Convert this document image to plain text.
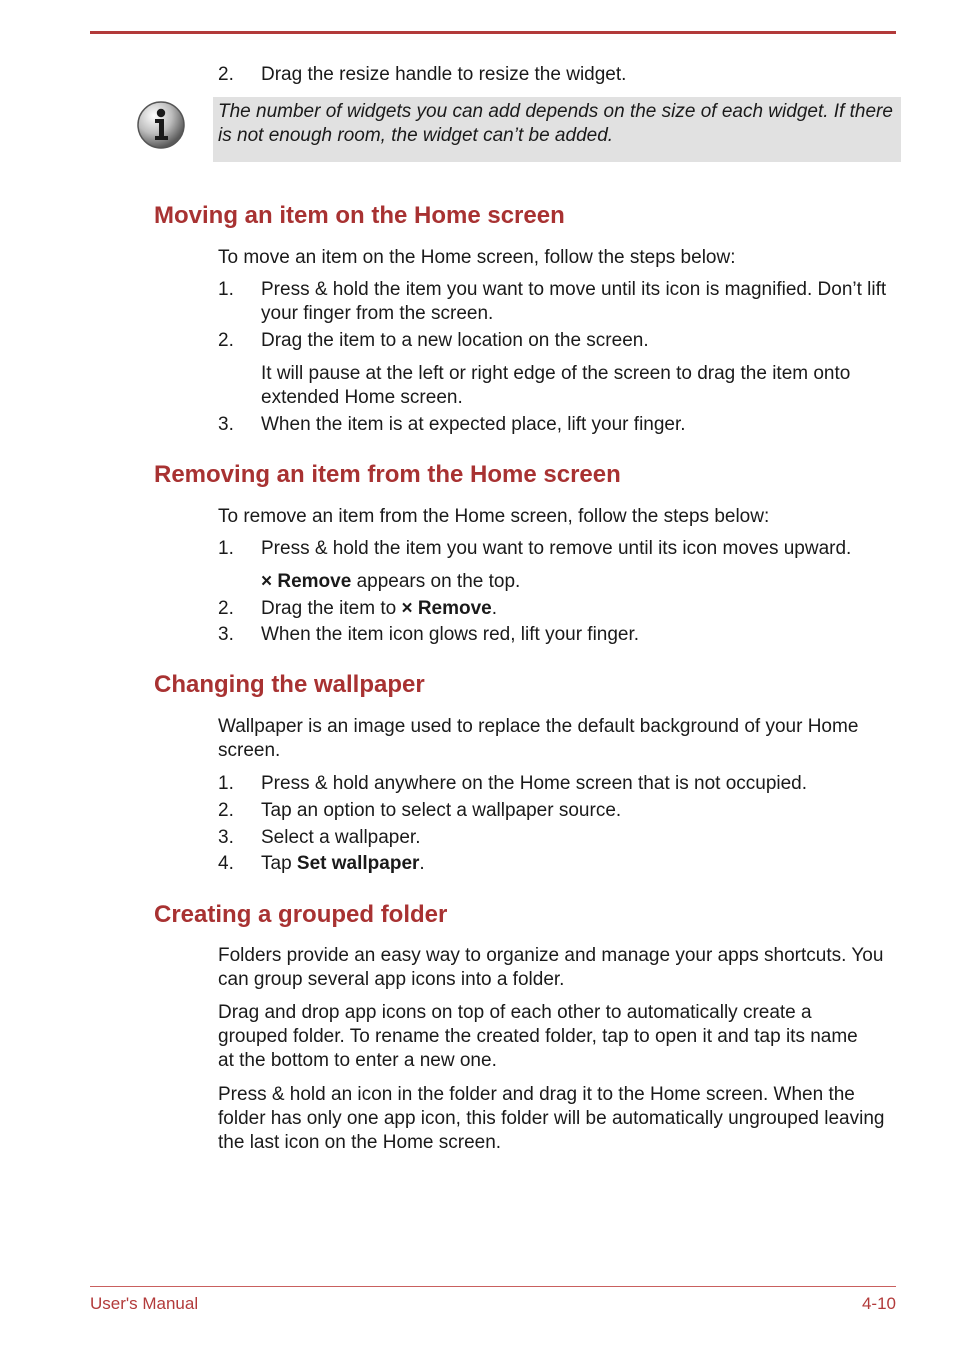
2. Drag the resize handle to resize the widget.
The number of widgets you can add depends on the size of each widget. If there is not enough room, the widget can’t be added.
Moving an item on the Home screen
To move an item on the Home screen, follow the steps below:
1. Press & hold the item you want to move until its icon is magnified. Don’t lift your finger from the screen.
2. Drag the item to a new location on the screen.
It will pause at the left or right edge of the screen to drag the item onto extended Home screen.
3. When the item is at expected place, lift your finger.
Removing an item from the Home screen
To remove an item from the Home screen, follow the steps below:
1. Press & hold the item you want to remove until its icon moves upward.
× Remove appears on the top.
2. Drag the item to × Remove.
3. When the item icon glows red, lift your finger.
Changing the wallpaper
Wallpaper is an image used to replace the default background of your Home screen.
1. Press & hold anywhere on the Home screen that is not occupied.
2. Tap an option to select a wallpaper source.
3. Select a wallpaper.
4. Tap Set wallpaper.
Creating a grouped folder
Folders provide an easy way to organize and manage your apps shortcuts. You can group several app icons into a folder.
Drag and drop app icons on top of each other to automatically create a grouped folder. To rename the created folder, tap to open it and tap its name at the bottom to enter a new one.
Press & hold an icon in the folder and drag it to the Home screen. When the folder has only one app icon, this folder will be automatically ungrouped leaving the last icon on the Home screen.
User's Manual	4-10
